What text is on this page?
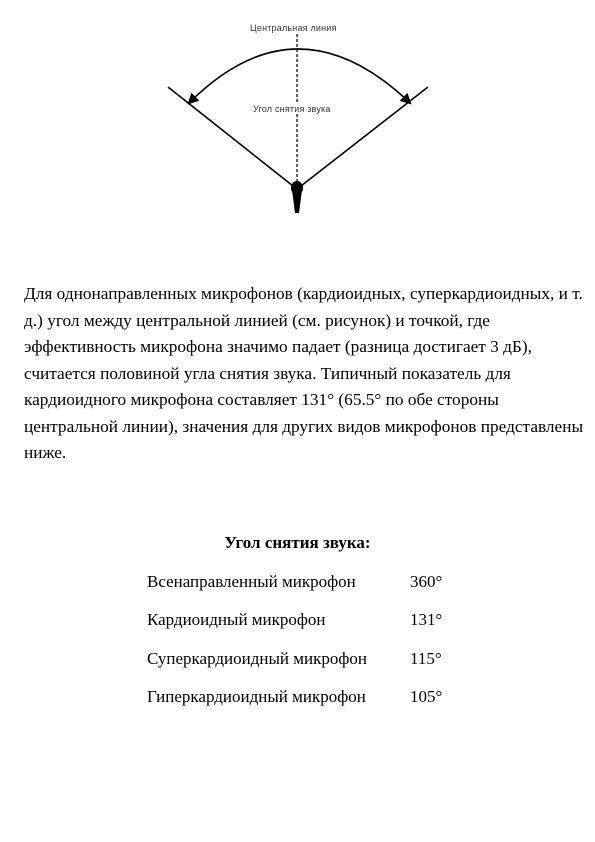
Центральная линия
Угол снятия звука

Для однонаправленных микрофонов (кардиоидных, суперкардиоидных, и т. д.) угол между центральной линией (см. рисунок) и точкой, где эффективность микрофона значимо падает (разница достигает 3 дБ), считается половиной угла снятия звука. Типичный показатель для кардиоидного микрофона составляет 131° (65.5° по обе стороны центральной линии), значения для других видов микрофонов представлены ниже.

Угол снятия звука:
Всенаправленный микрофон	360°
Кардиоидный микрофон	131°
Суперкардиоидный микрофон	115°
Гиперкардиоидный микрофон	105°
